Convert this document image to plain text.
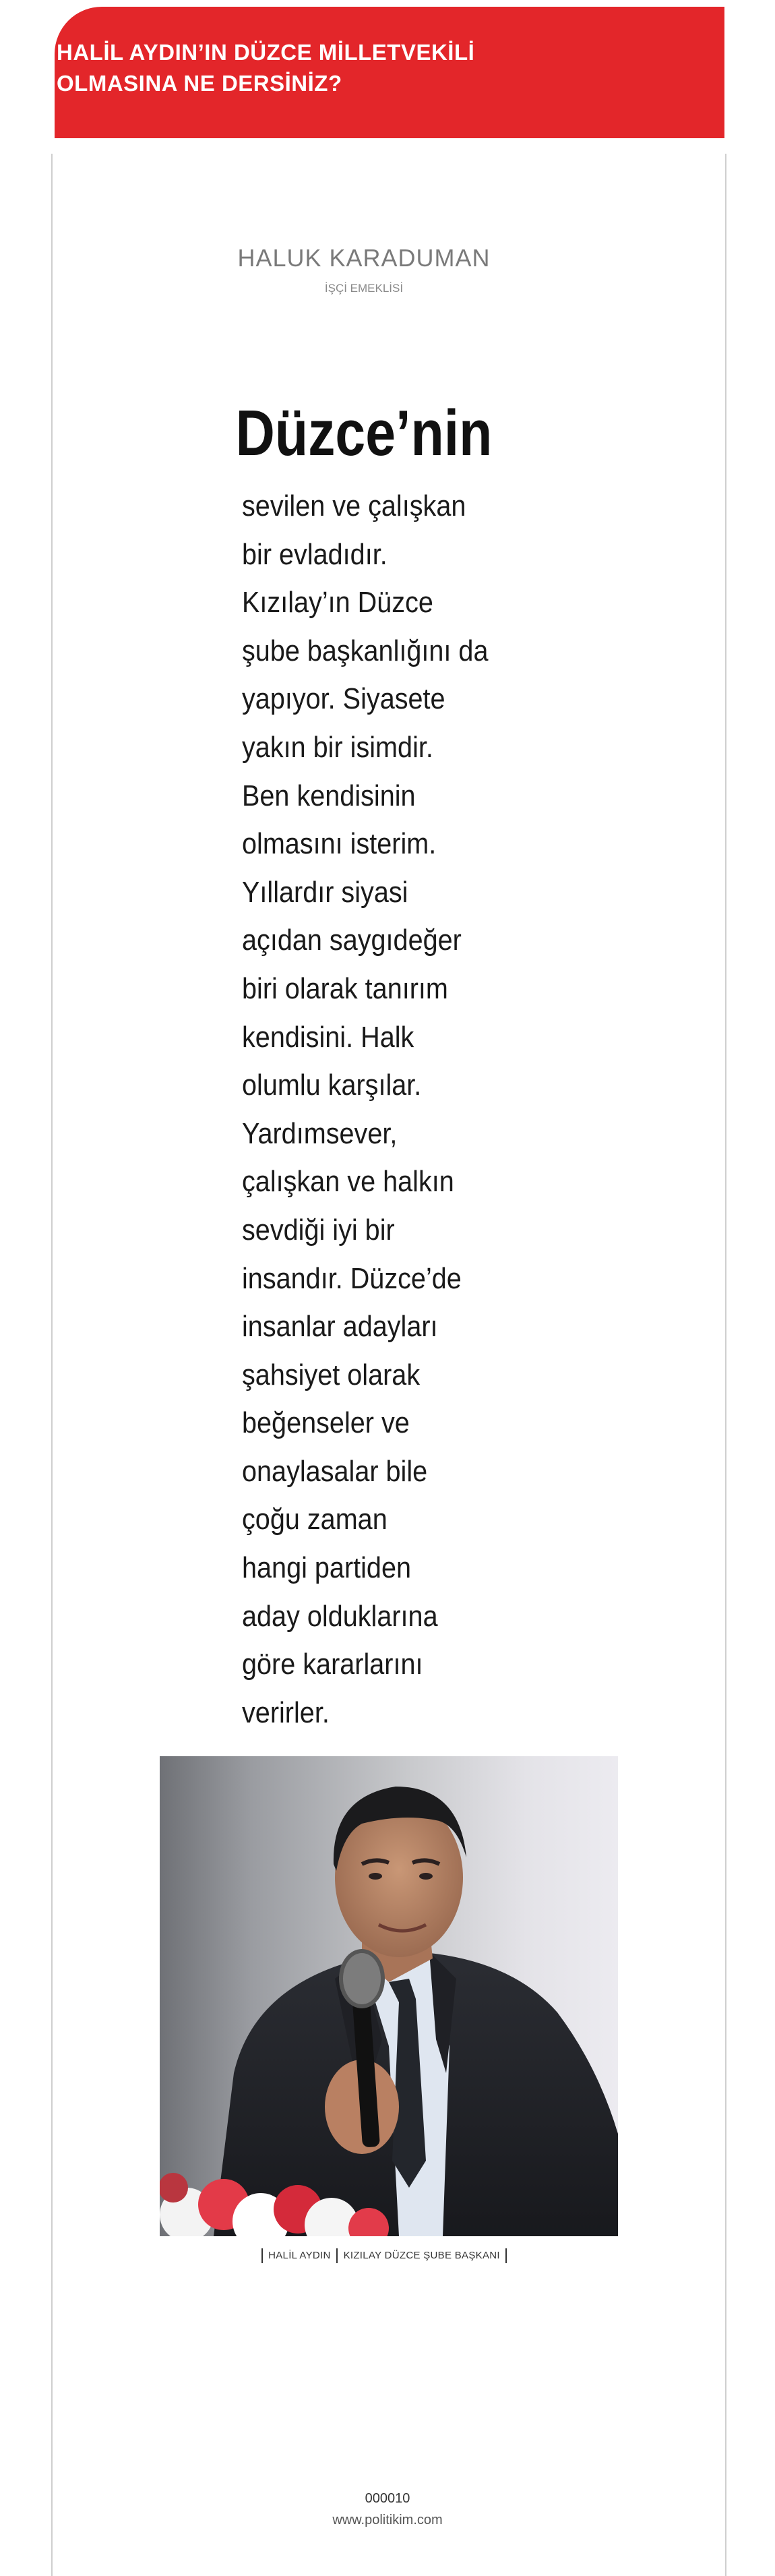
HALİL AYDIN’IN DÜZCE MİLLETVEKİLİ
OLMASINA NE DERSİNİZ?
HALUK KARADUMAN
İŞÇİ EMEKLİSİ
Düzce’nin
sevilen ve çalışkan
bir evladıdır.
Kızılay’ın Düzce
şube başkanlığını da
yapıyor. Siyasete
yakın bir isimdir.
Ben kendisinin
olmasını isterim.
Yıllardır siyasi
açıdan saygıdeğer
biri olarak tanırım
kendisini. Halk
olumlu karşılar.
Yardımsever,
çalışkan ve halkın
sevdiği iyi bir
insandır. Düzce’de
insanlar adayları
şahsiyet olarak
beğenseler ve
onaylasalar bile
çoğu zaman
hangi partiden
aday olduklarına
göre kararlarını
verirler.
HALİL AYDIN KIZILAY DÜZCE ŞUBE BAŞKANI
000010
www.politikim.com
